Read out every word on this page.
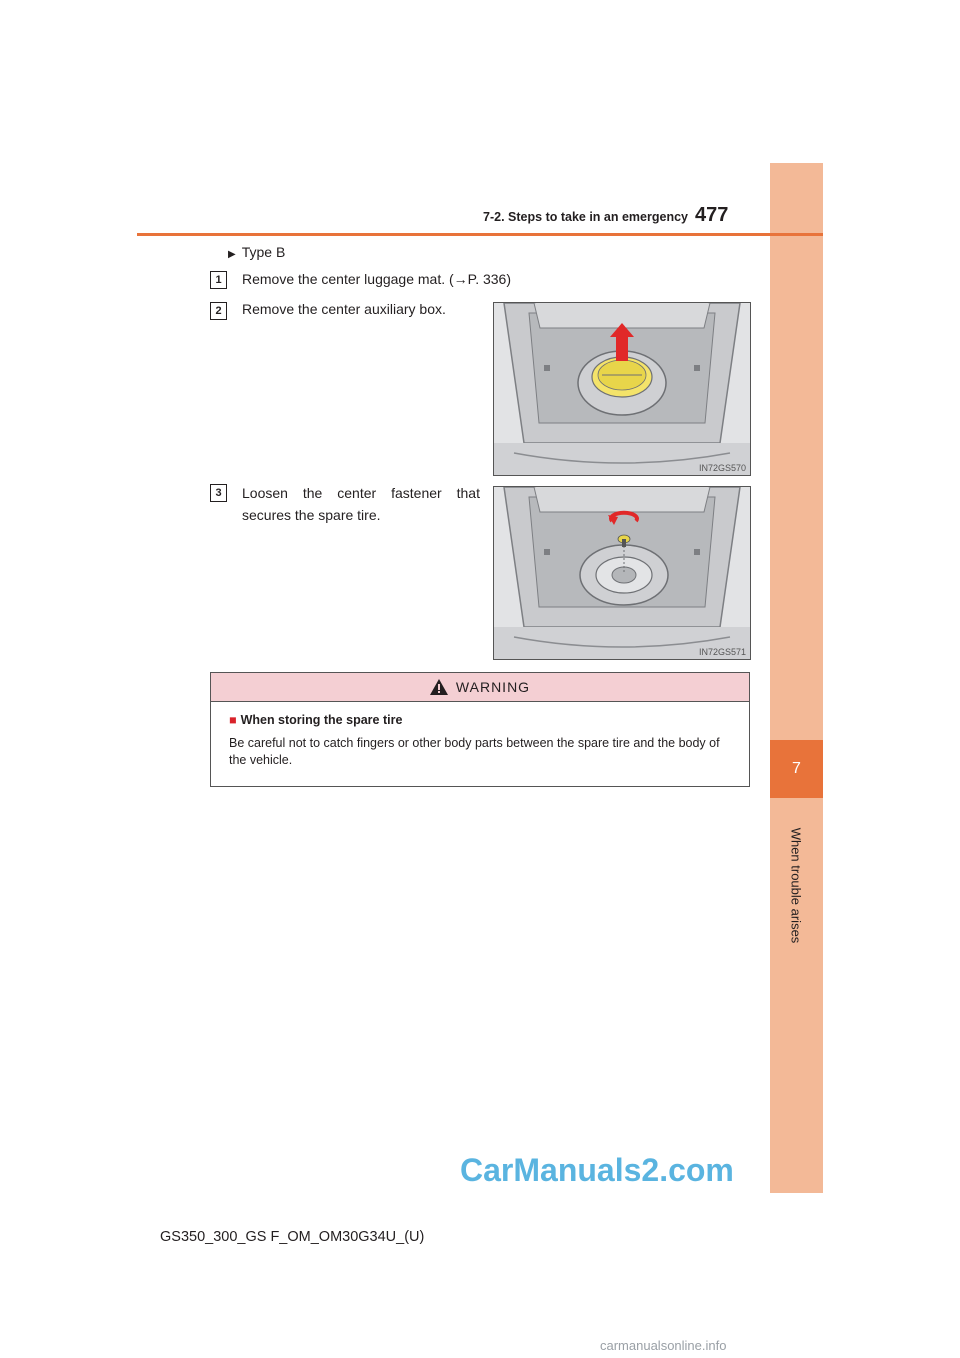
7
When trouble arises
7-2. Steps to take in an emergency 477
▶ Type B
1	Remove the center luggage mat. (→P. 336)
2	Remove the center auxiliary box.
IN72GS570
3	Loosen the center fastener that secures the spare tire.
IN72GS571
WARNING
■ When storing the spare tire
Be careful not to catch fingers or other body parts between the spare tire and the body of the vehicle.
CarManuals2.com
GS350_300_GS F_OM_OM30G34U_(U)
carmanualsonline.info
